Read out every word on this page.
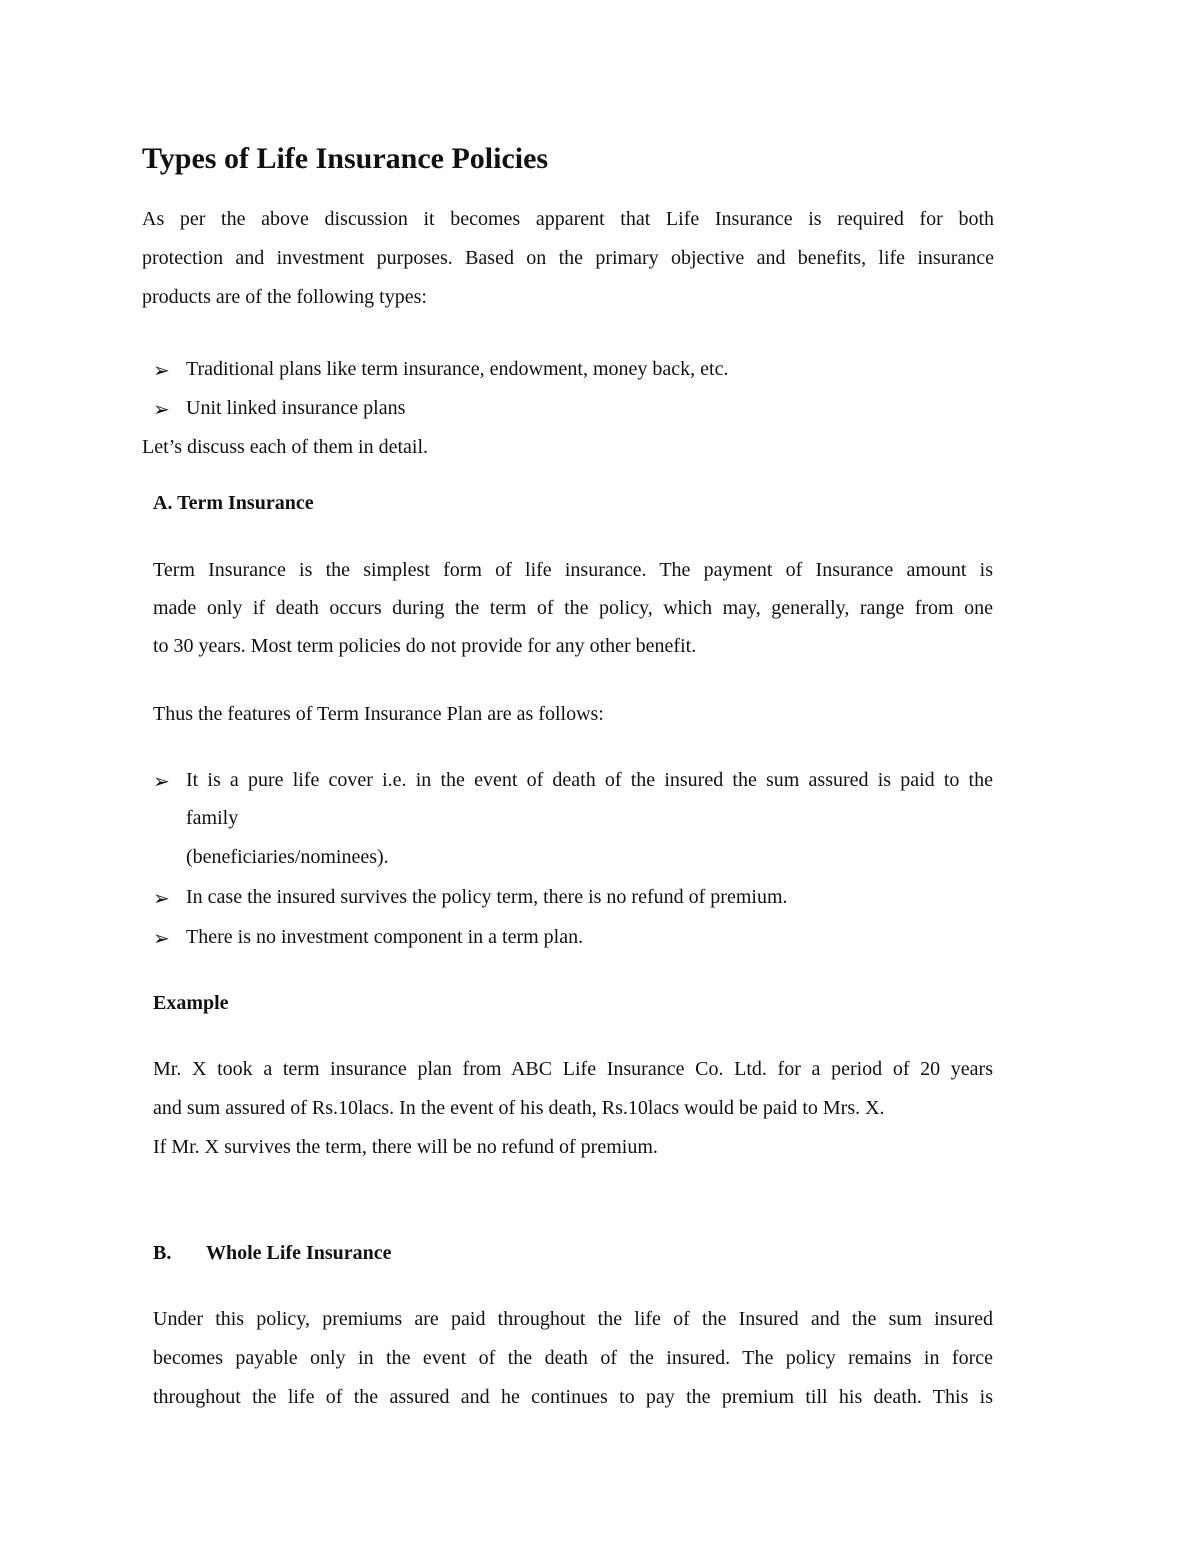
Types of Life Insurance Policies
As per the above discussion it becomes apparent that Life Insurance is required for both
protection and investment purposes. Based on the primary objective and benefits, life insurance
products are of the following types:
➢ Traditional plans like term insurance, endowment, money back, etc.
➢ Unit linked insurance plans
Let’s discuss each of them in detail.
A. Term Insurance
Term Insurance is the simplest form of life insurance. The payment of Insurance amount is
made only if death occurs during the term of the policy, which may, generally, range from one
to 30 years. Most term policies do not provide for any other benefit.
Thus the features of Term Insurance Plan are as follows:
➢ It is a pure life cover i.e. in the event of death of the insured the sum assured is paid to the
family
(beneficiaries/nominees).
➢ In case the insured survives the policy term, there is no refund of premium.
➢ There is no investment component in a term plan.
Example
Mr. X took a term insurance plan from ABC Life Insurance Co. Ltd. for a period of 20 years
and sum assured of Rs.10lacs. In the event of his death, Rs.10lacs would be paid to Mrs. X.
If Mr. X survives the term, there will be no refund of premium.
B. Whole Life Insurance
Under this policy, premiums are paid throughout the life of the Insured and the sum insured
becomes payable only in the event of the death of the insured. The policy remains in force
throughout the life of the assured and he continues to pay the premium till his death. This is
